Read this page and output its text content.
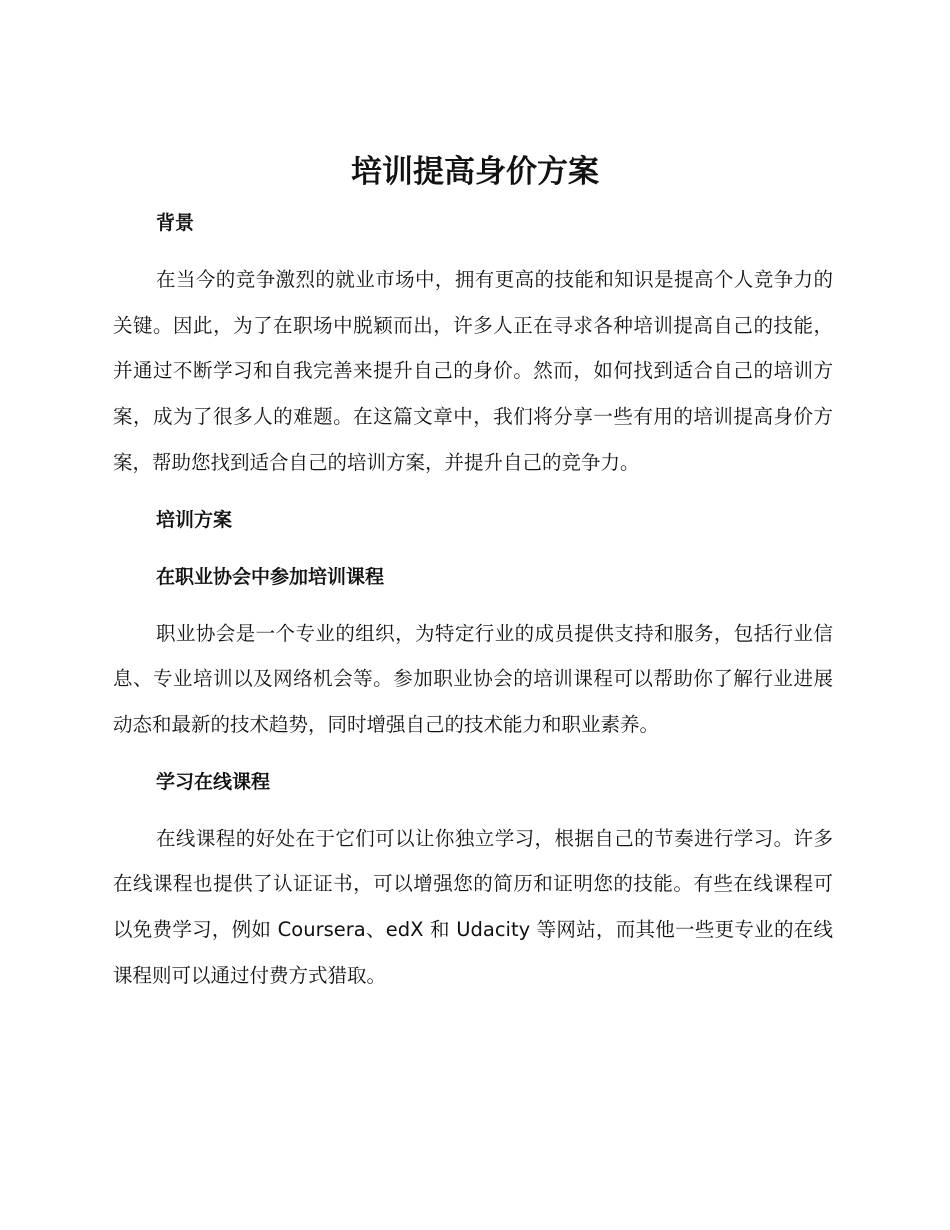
培训提高身价方案

背景

在当今的竞争激烈的就业市场中，拥有更高的技能和知识是提高个人竞争力的关键。因此，为了在职场中脱颖而出，许多人正在寻求各种培训提高自己的技能，并通过不断学习和自我完善来提升自己的身价。然而，如何找到适合自己的培训方案，成为了很多人的难题。在这篇文章中，我们将分享一些有用的培训提高身价方案，帮助您找到适合自己的培训方案，并提升自己的竞争力。

培训方案

在职业协会中参加培训课程

职业协会是一个专业的组织，为特定行业的成员提供支持和服务，包括行业信息、专业培训以及网络机会等。参加职业协会的培训课程可以帮助你了解行业进展动态和最新的技术趋势，同时增强自己的技术能力和职业素养。

学习在线课程

在线课程的好处在于它们可以让你独立学习，根据自己的节奏进行学习。许多在线课程也提供了认证证书，可以增强您的简历和证明您的技能。有些在线课程可以免费学习，例如 Coursera、edX 和 Udacity 等网站，而其他一些更专业的在线课程则可以通过付费方式猎取。
